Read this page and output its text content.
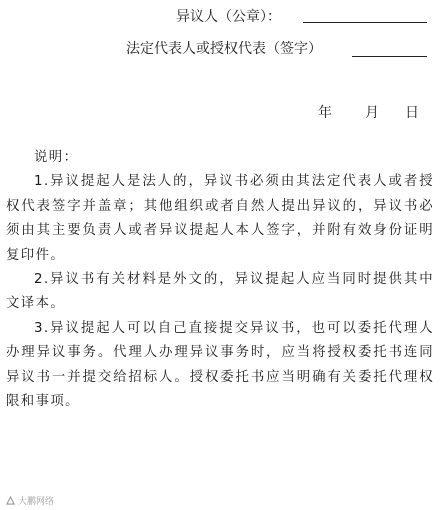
异议人（公章）：
法定代表人或授权代表（签字）
年 月 日

说明：

1.异议提起人是法人的，异议书必须由其法定代表人或者授权代表签字并盖章；其他组织或者自然人提出异议的，异议书必须由其主要负责人或者异议提起人本人签字，并附有效身份证明复印件。

2.异议书有关材料是外文的，异议提起人应当同时提供其中文译本。

3.异议提起人可以自己直接提交异议书，也可以委托代理人办理异议事务。代理人办理异议事务时，应当将授权委托书连同异议书一并提交给招标人。授权委托书应当明确有关委托代理权限和事项。

大鹏网络
